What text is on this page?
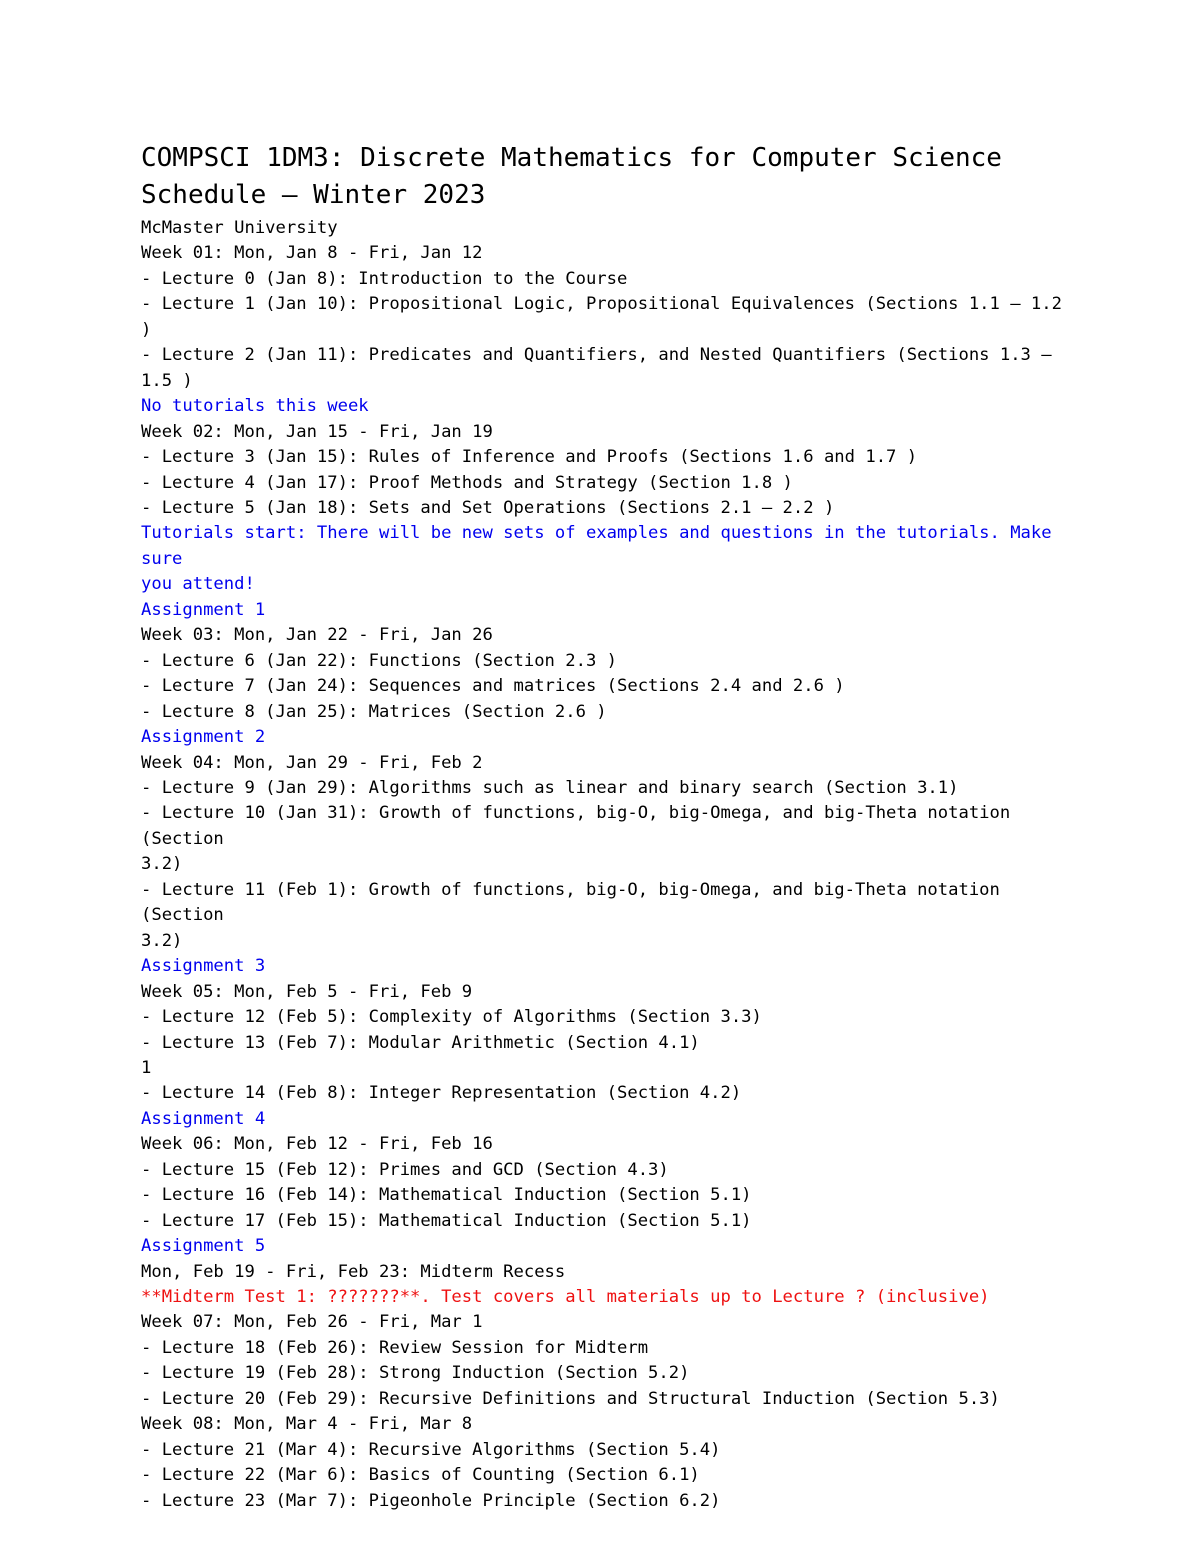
COMPSCI 1DM3: Discrete Mathematics for Computer Science
Schedule – Winter 2023
McMaster University
Week 01: Mon, Jan 8 - Fri, Jan 12
- Lecture 0 (Jan 8): Introduction to the Course
- Lecture 1 (Jan 10): Propositional Logic, Propositional Equivalences (Sections 1.1 – 1.2 )
- Lecture 2 (Jan 11): Predicates and Quantifiers, and Nested Quantifiers (Sections 1.3 –
1.5 )
No tutorials this week
Week 02: Mon, Jan 15 - Fri, Jan 19
- Lecture 3 (Jan 15): Rules of Inference and Proofs (Sections 1.6 and 1.7 )
- Lecture 4 (Jan 17): Proof Methods and Strategy (Section 1.8 )
- Lecture 5 (Jan 18): Sets and Set Operations (Sections 2.1 – 2.2 )
Tutorials start: There will be new sets of examples and questions in the tutorials. Make sure
you attend!
Assignment 1
Week 03: Mon, Jan 22 - Fri, Jan 26
- Lecture 6 (Jan 22): Functions (Section 2.3 )
- Lecture 7 (Jan 24): Sequences and matrices (Sections 2.4 and 2.6 )
- Lecture 8 (Jan 25): Matrices (Section 2.6 )
Assignment 2
Week 04: Mon, Jan 29 - Fri, Feb 2
- Lecture 9 (Jan 29): Algorithms such as linear and binary search (Section 3.1)
- Lecture 10 (Jan 31): Growth of functions, big-O, big-Omega, and big-Theta notation (Section
3.2)
- Lecture 11 (Feb 1): Growth of functions, big-O, big-Omega, and big-Theta notation (Section
3.2)
Assignment 3
Week 05: Mon, Feb 5 - Fri, Feb 9
- Lecture 12 (Feb 5): Complexity of Algorithms (Section 3.3)
- Lecture 13 (Feb 7): Modular Arithmetic (Section 4.1)
1
- Lecture 14 (Feb 8): Integer Representation (Section 4.2)
Assignment 4
Week 06: Mon, Feb 12 - Fri, Feb 16
- Lecture 15 (Feb 12): Primes and GCD (Section 4.3)
- Lecture 16 (Feb 14): Mathematical Induction (Section 5.1)
- Lecture 17 (Feb 15): Mathematical Induction (Section 5.1)
Assignment 5
Mon, Feb 19 - Fri, Feb 23: Midterm Recess
**Midterm Test 1: ???????**. Test covers all materials up to Lecture ? (inclusive)
Week 07: Mon, Feb 26 - Fri, Mar 1
- Lecture 18 (Feb 26): Review Session for Midterm
- Lecture 19 (Feb 28): Strong Induction (Section 5.2)
- Lecture 20 (Feb 29): Recursive Definitions and Structural Induction (Section 5.3)
Week 08: Mon, Mar 4 - Fri, Mar 8
- Lecture 21 (Mar 4): Recursive Algorithms (Section 5.4)
- Lecture 22 (Mar 6): Basics of Counting (Section 6.1)
- Lecture 23 (Mar 7): Pigeonhole Principle (Section 6.2)
